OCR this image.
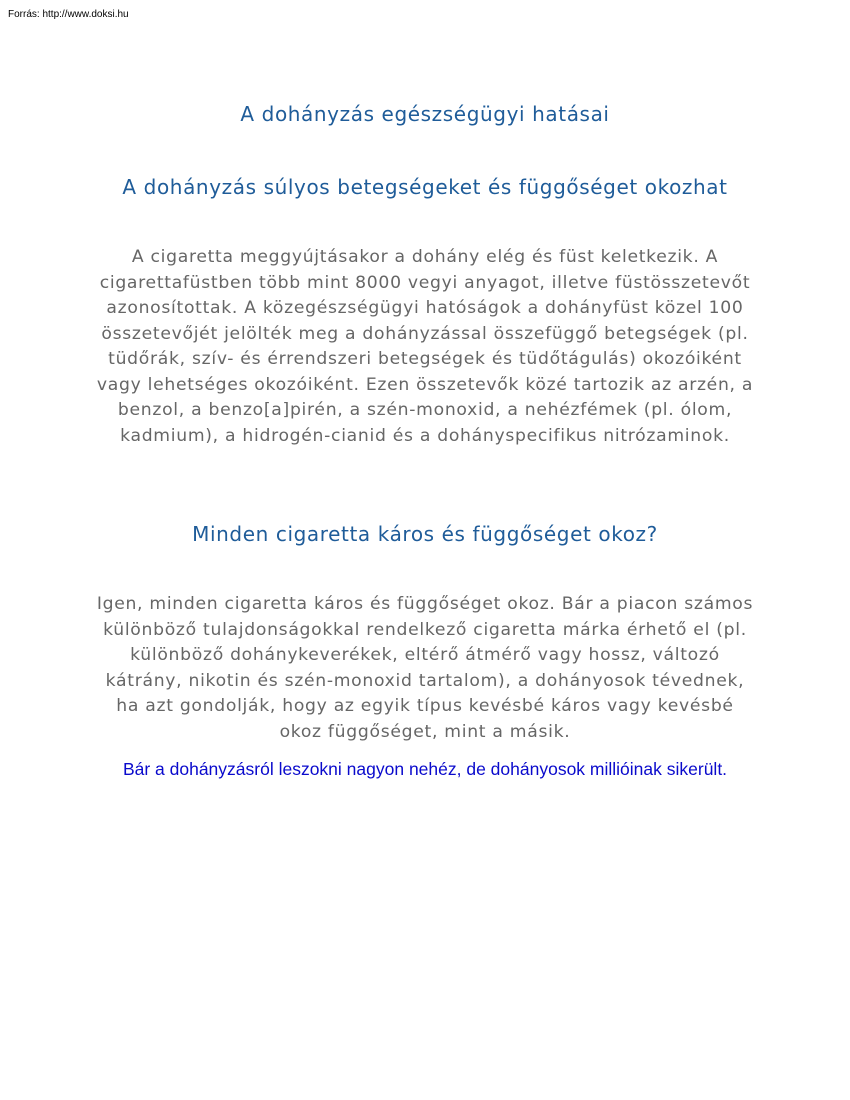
Forrás: http://www.doksi.hu
A dohányzás egészségügyi hatásai
A dohányzás súlyos betegségeket és függőséget okozhat

A cigaretta meggyújtásakor a dohány elég és füst keletkezik. A cigarettafüstben több mint 8000 vegyi anyagot, illetve füstösszetevőt azonosítottak. A közegészségügyi hatóságok a dohányfüst közel 100 összetevőjét jelölték meg a dohányzással összefüggő betegségek (pl. tüdőrák, szív- és érrendszeri betegségek és tüdőtágulás) okozóiként vagy lehetséges okozóiként. Ezen összetevők közé tartozik az arzén, a benzol, a benzo[a]pirén, a szén-monoxid, a nehézfémek (pl. ólom, kadmium), a hidrogén-cianid és a dohányspecifikus nitrózaminok.

Minden cigaretta káros és függőséget okoz?

Igen, minden cigaretta káros és függőséget okoz. Bár a piacon számos különböző tulajdonságokkal rendelkező cigaretta márka érhető el (pl. különböző dohánykeverékek, eltérő átmérő vagy hossz, változó kátrány, nikotin és szén-monoxid tartalom), a dohányosok tévednek, ha azt gondolják, hogy az egyik típus kevésbé káros vagy kevésbé okoz függőséget, mint a másik.

Bár a dohányzásról leszokni nagyon nehéz, de dohányosok millióinak sikerült.
